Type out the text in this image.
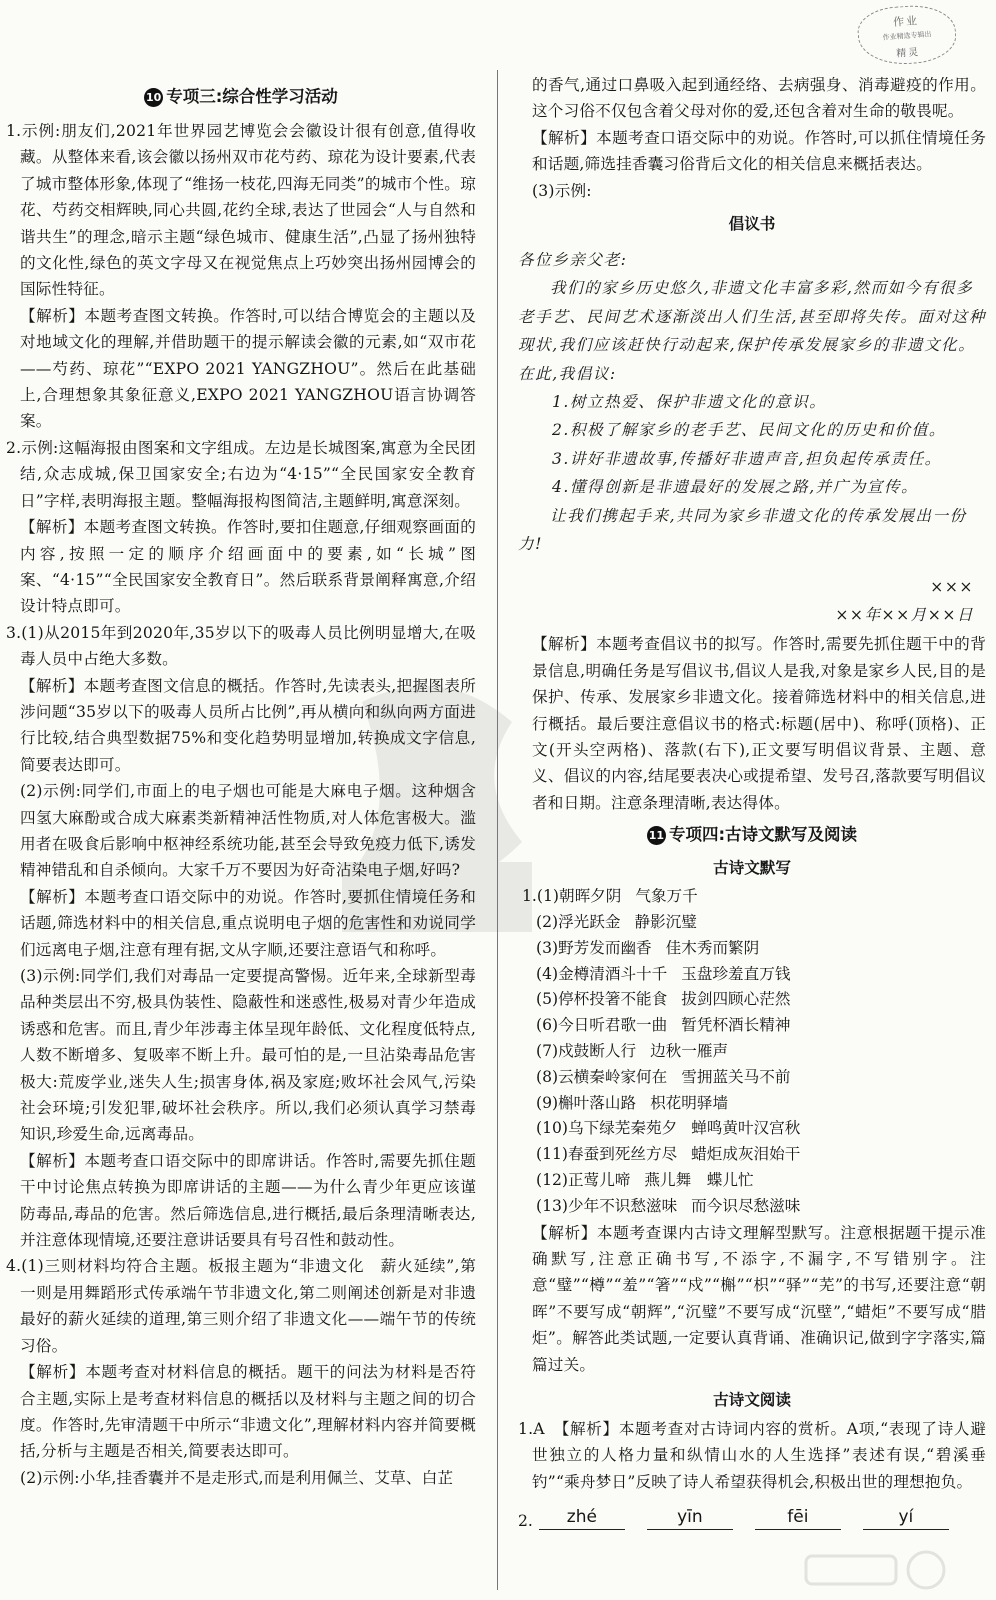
作业
作业精选专辑出
精灵
10 专项三:综合性学习活动

1.示例:朋友们,2021年世界园艺博览会会徽设计很有创意,值得收藏。从整体来看,该会徽以扬州双市花芍药、琼花为设计要素,代表了城市整体形象,体现了“维扬一枝花,四海无同类”的城市个性。琼花、芍药交相辉映,同心共圆,花约全球,表达了世园会“人与自然和谐共生”的理念,暗示主题“绿色城市、健康生活”,凸显了扬州独特的文化性,绿色的英文字母又在视觉焦点上巧妙突出扬州园博会的国际性特征。

【解析】本题考查图文转换。作答时,可以结合博览会的主题以及对地域文化的理解,并借助题干的提示解读会徽的元素,如“双市花——芍药、琼花”“EXPO 2021 YANGZHOU”。然后在此基础上,合理想象其象征意义,EXPO 2021 YANGZHOU语言协调答案。

2.示例:这幅海报由图案和文字组成。左边是长城图案,寓意为全民团结,众志成城,保卫国家安全;右边为“4·15”“全民国家安全教育日”字样,表明海报主题。整幅海报构图简洁,主题鲜明,寓意深刻。

【解析】本题考查图文转换。作答时,要扣住题意,仔细观察画面的内容,按照一定的顺序介绍画面中的要素,如“长城”图案、“4·15”“全民国家安全教育日”。然后联系背景阐释寓意,介绍设计特点即可。

3.(1)从2015年到2020年,35岁以下的吸毒人员比例明显增大,在吸毒人员中占绝大多数。

【解析】本题考查图文信息的概括。作答时,先读表头,把握图表所涉问题“35岁以下的吸毒人员所占比例”,再从横向和纵向两方面进行比较,结合典型数据75%和变化趋势明显增加,转换成文字信息,简要表达即可。

(2)示例:同学们,市面上的电子烟也可能是大麻电子烟。这种烟含四氢大麻酚或合成大麻素类新精神活性物质,对人体危害极大。滥用者在吸食后影响中枢神经系统功能,甚至会导致免疫力低下,诱发精神错乱和自杀倾向。大家千万不要因为好奇沾染电子烟,好吗?

【解析】本题考查口语交际中的劝说。作答时,要抓住情境任务和话题,筛选材料中的相关信息,重点说明电子烟的危害性和劝说同学们远离电子烟,注意有理有据,文从字顺,还要注意语气和称呼。

(3)示例:同学们,我们对毒品一定要提高警惕。近年来,全球新型毒品种类层出不穷,极具伪装性、隐蔽性和迷惑性,极易对青少年造成诱惑和危害。而且,青少年涉毒主体呈现年龄低、文化程度低特点,人数不断增多、复吸率不断上升。最可怕的是,一旦沾染毒品危害极大:荒废学业,迷失人生;损害身体,祸及家庭;败坏社会风气,污染社会环境;引发犯罪,破坏社会秩序。所以,我们必须认真学习禁毒知识,珍爱生命,远离毒品。

【解析】本题考查口语交际中的即席讲话。作答时,需要先抓住题干中讨论焦点转换为即席讲话的主题——为什么青少年更应该谨防毒品,毒品的危害。然后筛选信息,进行概括,最后条理清晰表达,并注意体现情境,还要注意讲话要具有号召性和鼓动性。

4.(1)三则材料均符合主题。板报主题为“非遗文化　薪火延续”,第一则是用舞蹈形式传承端午节非遗文化,第二则阐述创新是对非遗最好的薪火延续的道理,第三则介绍了非遗文化——端午节的传统习俗。

【解析】本题考查对材料信息的概括。题干的问法为材料是否符合主题,实际上是考查材料信息的概括以及材料与主题之间的切合度。作答时,先审清题干中所示“非遗文化”,理解材料内容并简要概括,分析与主题是否相关,简要表达即可。

(2)示例:小华,挂香囊并不是走形式,而是利用佩兰、艾草、白芷

的香气,通过口鼻吸入起到通经络、去病强身、消毒避疫的作用。这个习俗不仅包含着父母对你的爱,还包含着对生命的敬畏呢。

【解析】本题考查口语交际中的劝说。作答时,可以抓住情境任务和话题,筛选挂香囊习俗背后文化的相关信息来概括表达。

(3)示例:

倡议书

各位乡亲父老:

我们的家乡历史悠久,非遗文化丰富多彩,然而如今有很多老手艺、民间艺术逐渐淡出人们生活,甚至即将失传。面对这种现状,我们应该赶快行动起来,保护传承发展家乡的非遗文化。在此,我倡议:

1.树立热爱、保护非遗文化的意识。

2.积极了解家乡的老手艺、民间文化的历史和价值。

3.讲好非遗故事,传播好非遗声音,担负起传承责任。

4.懂得创新是非遗最好的发展之路,并广为宣传。

让我们携起手来,共同为家乡非遗文化的传承发展出一份力!

×××

××年××月××日

【解析】本题考查倡议书的拟写。作答时,需要先抓住题干中的背景信息,明确任务是写倡议书,倡议人是我,对象是家乡人民,目的是保护、传承、发展家乡非遗文化。接着筛选材料中的相关信息,进行概括。最后要注意倡议书的格式:标题(居中)、称呼(顶格)、正文(开头空两格)、落款(右下),正文要写明倡议背景、主题、意义、倡议的内容,结尾要表决心或提希望、发号召,落款要写明倡议者和日期。注意条理清晰,表达得体。

11 专项四:古诗文默写及阅读
古诗文默写
1.(1)朝晖夕阴 气象万千
(2)浮光跃金 静影沉璧
(3)野芳发而幽香 佳木秀而繁阴
(4)金樽清酒斗十千 玉盘珍羞直万钱
(5)停杯投箸不能食 拔剑四顾心茫然
(6)今日听君歌一曲 暂凭杯酒长精神
(7)戍鼓断人行 边秋一雁声
(8)云横秦岭家何在 雪拥蓝关马不前
(9)槲叶落山路 枳花明驿墙
(10)乌下绿芜秦苑夕 蝉鸣黄叶汉宫秋
(11)春蚕到死丝方尽 蜡炬成灰泪始干
(12)正莺儿啼 燕儿舞　蝶儿忙
(13)少年不识愁滋味 而今识尽愁滋味

【解析】本题考查课内古诗文理解型默写。注意根据题干提示准确默写,注意正确书写,不添字,不漏字,不写错别字。注意“璧”“樽”“羞”“箸”“戍”“槲”“枳”“驿”“芜”的书写,还要注意“朝晖”不要写成“朝辉”,“沉璧”不要写成“沉壁”,“蜡炬”不要写成“腊炬”。解答此类试题,一定要认真背诵、准确识记,做到字字落实,篇篇过关。

古诗文阅读

1.A　【解析】本题考查对古诗词内容的赏析。A项,“表现了诗人避世独立的人格力量和纵情山水的人生选择”表述有误,“碧溪垂钓”“乘舟梦日”反映了诗人希望获得机会,积极出世的理想抱负。

2.	zhé	yīn	fēi	yí
